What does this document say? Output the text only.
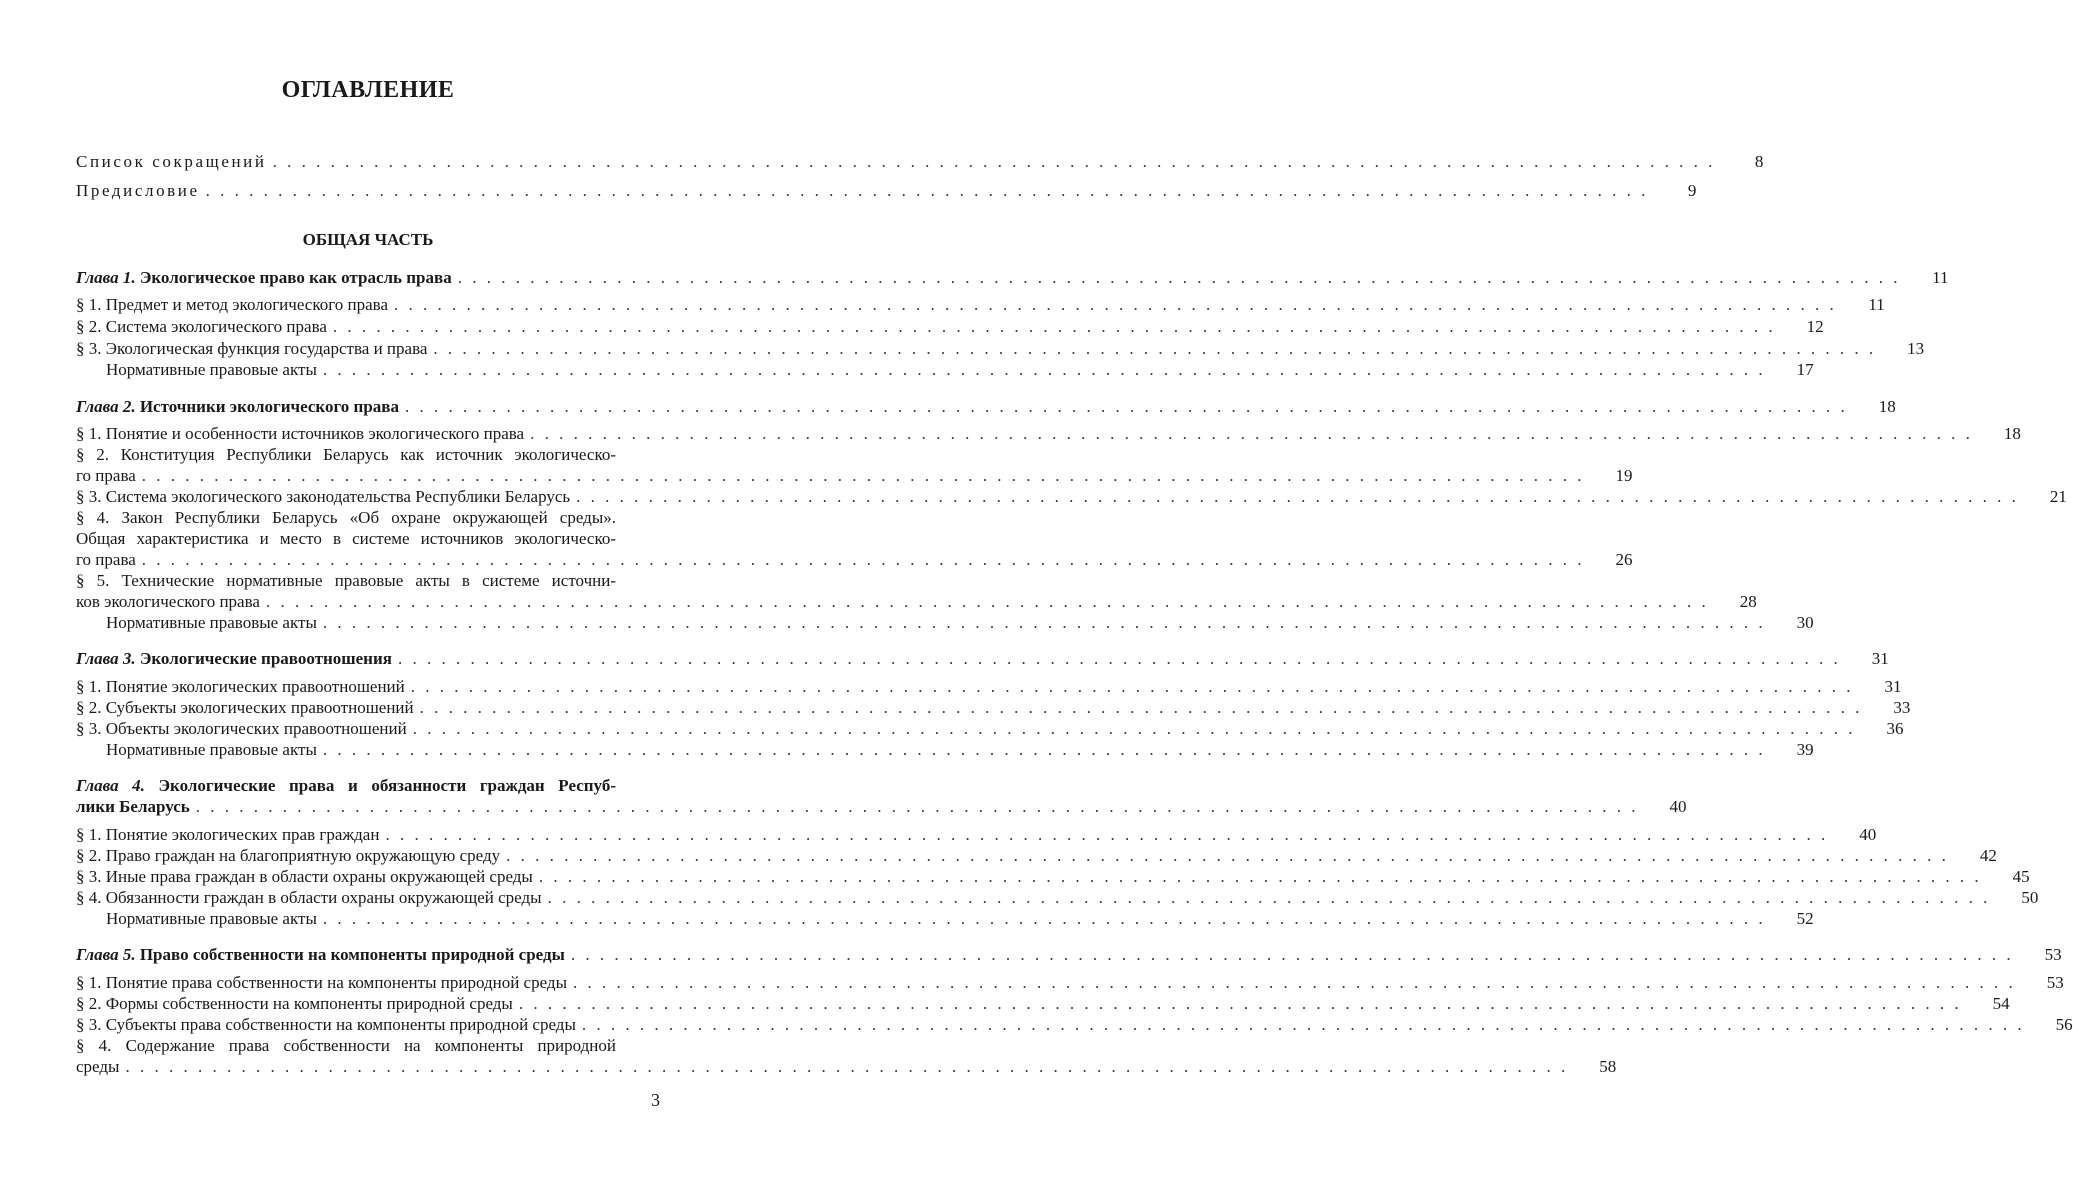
ОГЛАВЛЕНИЕ
Список сокращений . . . . . . . . . . . . . . . . . . . . . . . . . . . . . . . . . . . . . . . . . . . . . . . . . . . . . . . . . . . . . . . . . . . . . . . . . . . . . . . . . . . . . . . . . . . . . . . . . . . .	8
Предисловие . . . . . . . . . . . . . . . . . . . . . . . . . . . . . . . . . . . . . . . . . . . . . . . . . . . . . . . . . . . . . . . . . . . . . . . . . . . . . . . . . . . . . . . . . . . . . . . . . . . .	9
ОБЩАЯ ЧАСТЬ
Глава 1. Экологическое право как отрасль права . . . . . . . . . . . . . . . . . . . . . . . . . . . . . . . . . . . . . . . . . . . . . . . . . . . . . . . . . . . . . . . . . . . . . . . . . . . . . . . . . . . . . . . . . . . . . . . . . . . .	11
§ 1. Предмет и метод экологического права . . . . . . . . . . . . . . . . . . . . . . . . . . . . . . . . . . . . . . . . . . . . . . . . . . . . . . . . . . . . . . . . . . . . . . . . . . . . . . . . . . . . . . . . . . . . . . . . . . . .	11
§ 2. Система экологического права . . . . . . . . . . . . . . . . . . . . . . . . . . . . . . . . . . . . . . . . . . . . . . . . . . . . . . . . . . . . . . . . . . . . . . . . . . . . . . . . . . . . . . . . . . . . . . . . . . . .	12
§ 3. Экологическая функция государства и права . . . . . . . . . . . . . . . . . . . . . . . . . . . . . . . . . . . . . . . . . . . . . . . . . . . . . . . . . . . . . . . . . . . . . . . . . . . . . . . . . . . . . . . . . . . . . . . . . . . .	13
Нормативные правовые акты . . . . . . . . . . . . . . . . . . . . . . . . . . . . . . . . . . . . . . . . . . . . . . . . . . . . . . . . . . . . . . . . . . . . . . . . . . . . . . . . . . . . . . . . . . . . . . . . . . . .	17
Глава 2. Источники экологического права . . . . . . . . . . . . . . . . . . . . . . . . . . . . . . . . . . . . . . . . . . . . . . . . . . . . . . . . . . . . . . . . . . . . . . . . . . . . . . . . . . . . . . . . . . . . . . . . . . . .	18
§ 1. Понятие и особенности источников экологического права . . . . . . . . . . . . . . . . . . . . . . . . . . . . . . . . . . . . . . . . . . . . . . . . . . . . . . . . . . . . . . . . . . . . . . . . . . . . . . . . . . . . . . . . . . . . . . . . . . . .	18
§ 2. Конституция Республики Беларусь как источник экологическо-
го права . . . . . . . . . . . . . . . . . . . . . . . . . . . . . . . . . . . . . . . . . . . . . . . . . . . . . . . . . . . . . . . . . . . . . . . . . . . . . . . . . . . . . . . . . . . . . . . . . . . .	19
§ 3. Система экологического законодательства Республики Беларусь . . . . . . . . . . . . . . . . . . . . . . . . . . . . . . . . . . . . . . . . . . . . . . . . . . . . . . . . . . . . . . . . . . . . . . . . . . . . . . . . . . . . . . . . . . . . . . . . . . . .	21
§ 4. Закон Республики Беларусь «Об охране окружающей среды».
Общая характеристика и место в системе источников экологическо-
го права . . . . . . . . . . . . . . . . . . . . . . . . . . . . . . . . . . . . . . . . . . . . . . . . . . . . . . . . . . . . . . . . . . . . . . . . . . . . . . . . . . . . . . . . . . . . . . . . . . . .	26
§ 5. Технические нормативные правовые акты в системе источни-
ков экологического права . . . . . . . . . . . . . . . . . . . . . . . . . . . . . . . . . . . . . . . . . . . . . . . . . . . . . . . . . . . . . . . . . . . . . . . . . . . . . . . . . . . . . . . . . . . . . . . . . . . .	28
Нормативные правовые акты . . . . . . . . . . . . . . . . . . . . . . . . . . . . . . . . . . . . . . . . . . . . . . . . . . . . . . . . . . . . . . . . . . . . . . . . . . . . . . . . . . . . . . . . . . . . . . . . . . . .	30
Глава 3. Экологические правоотношения . . . . . . . . . . . . . . . . . . . . . . . . . . . . . . . . . . . . . . . . . . . . . . . . . . . . . . . . . . . . . . . . . . . . . . . . . . . . . . . . . . . . . . . . . . . . . . . . . . . .	31
§ 1. Понятие экологических правоотношений . . . . . . . . . . . . . . . . . . . . . . . . . . . . . . . . . . . . . . . . . . . . . . . . . . . . . . . . . . . . . . . . . . . . . . . . . . . . . . . . . . . . . . . . . . . . . . . . . . . .	31
§ 2. Субъекты экологических правоотношений . . . . . . . . . . . . . . . . . . . . . . . . . . . . . . . . . . . . . . . . . . . . . . . . . . . . . . . . . . . . . . . . . . . . . . . . . . . . . . . . . . . . . . . . . . . . . . . . . . . .	33
§ 3. Объекты экологических правоотношений . . . . . . . . . . . . . . . . . . . . . . . . . . . . . . . . . . . . . . . . . . . . . . . . . . . . . . . . . . . . . . . . . . . . . . . . . . . . . . . . . . . . . . . . . . . . . . . . . . . .	36
Нормативные правовые акты . . . . . . . . . . . . . . . . . . . . . . . . . . . . . . . . . . . . . . . . . . . . . . . . . . . . . . . . . . . . . . . . . . . . . . . . . . . . . . . . . . . . . . . . . . . . . . . . . . . .	39
Глава 4. Экологические права и обязанности граждан Респуб-
лики Беларусь . . . . . . . . . . . . . . . . . . . . . . . . . . . . . . . . . . . . . . . . . . . . . . . . . . . . . . . . . . . . . . . . . . . . . . . . . . . . . . . . . . . . . . . . . . . . . . . . . . . .	40
§ 1. Понятие экологических прав граждан . . . . . . . . . . . . . . . . . . . . . . . . . . . . . . . . . . . . . . . . . . . . . . . . . . . . . . . . . . . . . . . . . . . . . . . . . . . . . . . . . . . . . . . . . . . . . . . . . . . .	40
§ 2. Право граждан на благоприятную окружающую среду . . . . . . . . . . . . . . . . . . . . . . . . . . . . . . . . . . . . . . . . . . . . . . . . . . . . . . . . . . . . . . . . . . . . . . . . . . . . . . . . . . . . . . . . . . . . . . . . . . . .	42
§ 3. Иные права граждан в области охраны окружающей среды . . . . . . . . . . . . . . . . . . . . . . . . . . . . . . . . . . . . . . . . . . . . . . . . . . . . . . . . . . . . . . . . . . . . . . . . . . . . . . . . . . . . . . . . . . . . . . . . . . . .	45
§ 4. Обязанности граждан в области охраны окружающей среды . . . . . . . . . . . . . . . . . . . . . . . . . . . . . . . . . . . . . . . . . . . . . . . . . . . . . . . . . . . . . . . . . . . . . . . . . . . . . . . . . . . . . . . . . . . . . . . . . . . .	50
Нормативные правовые акты . . . . . . . . . . . . . . . . . . . . . . . . . . . . . . . . . . . . . . . . . . . . . . . . . . . . . . . . . . . . . . . . . . . . . . . . . . . . . . . . . . . . . . . . . . . . . . . . . . . .	52
Глава 5. Право собственности на компоненты природной среды . . . . . . . . . . . . . . . . . . . . . . . . . . . . . . . . . . . . . . . . . . . . . . . . . . . . . . . . . . . . . . . . . . . . . . . . . . . . . . . . . . . . . . . . . . . . . . . . . . . .	53
§ 1. Понятие права собственности на компоненты природной среды . . . . . . . . . . . . . . . . . . . . . . . . . . . . . . . . . . . . . . . . . . . . . . . . . . . . . . . . . . . . . . . . . . . . . . . . . . . . . . . . . . . . . . . . . . . . . . . . . . . .	53
§ 2. Формы собственности на компоненты природной среды . . . . . . . . . . . . . . . . . . . . . . . . . . . . . . . . . . . . . . . . . . . . . . . . . . . . . . . . . . . . . . . . . . . . . . . . . . . . . . . . . . . . . . . . . . . . . . . . . . . .	54
§ 3. Субъекты права собственности на компоненты природной среды . . . . . . . . . . . . . . . . . . . . . . . . . . . . . . . . . . . . . . . . . . . . . . . . . . . . . . . . . . . . . . . . . . . . . . . . . . . . . . . . . . . . . . . . . . . . . . . . . . . .	56
§ 4. Содержание права собственности на компоненты природной
среды . . . . . . . . . . . . . . . . . . . . . . . . . . . . . . . . . . . . . . . . . . . . . . . . . . . . . . . . . . . . . . . . . . . . . . . . . . . . . . . . . . . . . . . . . . . . . . . . . . . .	58
3
